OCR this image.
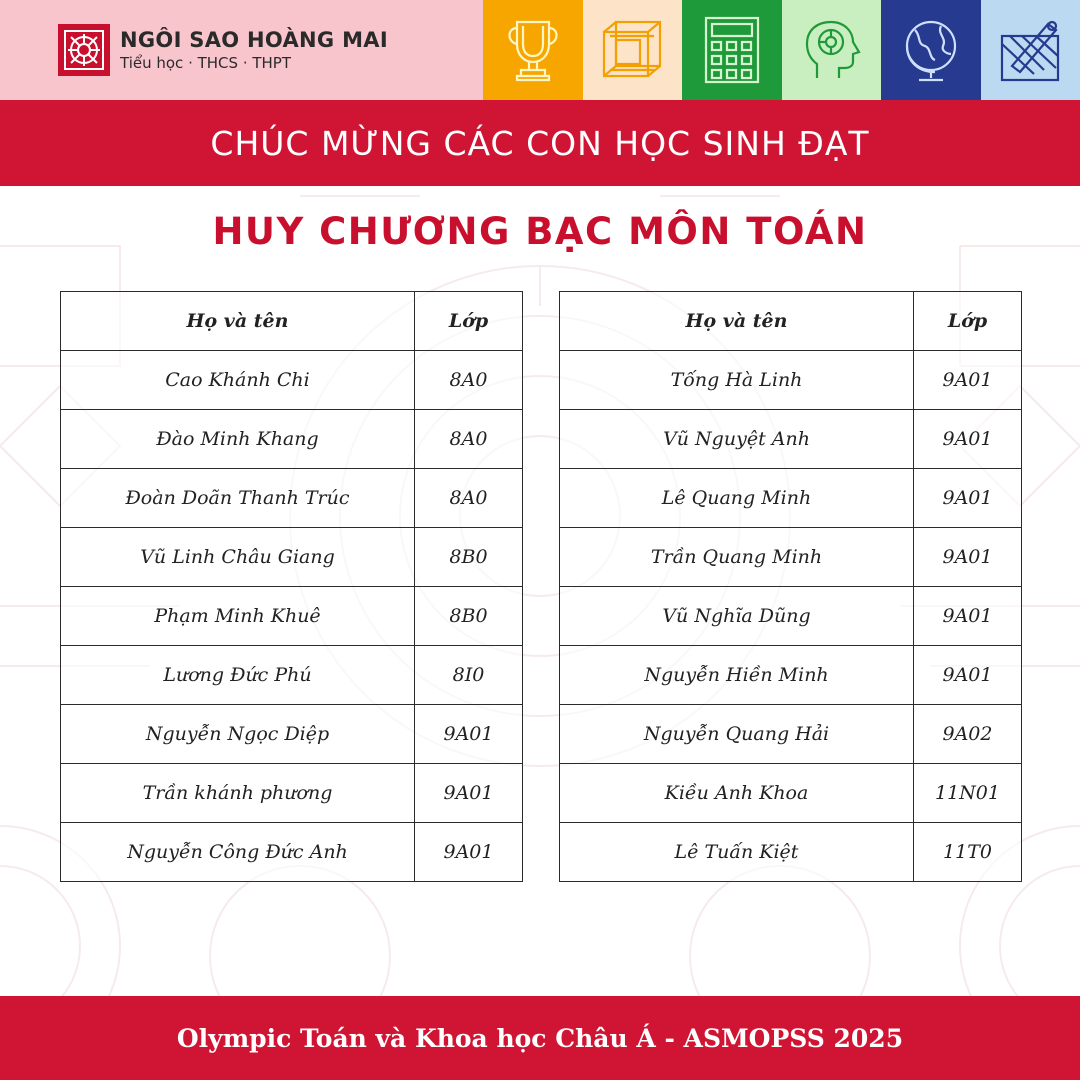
NGÔI SAO HOÀNG MAI
Tiểu học · THCS · THPT
CHÚC MỪNG CÁC CON HỌC SINH ĐẠT
HUY CHƯƠNG BẠC MÔN TOÁN
Họ và tên	Lớp
Cao Khánh Chi	8A0
Đào Minh Khang	8A0
Đoàn Doãn Thanh Trúc	8A0
Vũ Linh Châu Giang	8B0
Phạm Minh Khuê	8B0
Lương Đức Phú	8I0
Nguyễn Ngọc Diệp	9A01
Trần khánh phương	9A01
Nguyễn Công Đức Anh	9A01
Họ và tên	Lớp
Tống Hà Linh	9A01
Vũ Nguyệt Anh	9A01
Lê Quang Minh	9A01
Trần Quang Minh	9A01
Vũ Nghĩa Dũng	9A01
Nguyễn Hiền Minh	9A01
Nguyễn Quang Hải	9A02
Kiều Anh Khoa	11N01
Lê Tuấn Kiệt	11T0
Olympic Toán và Khoa học Châu Á - ASMOPSS 2025
